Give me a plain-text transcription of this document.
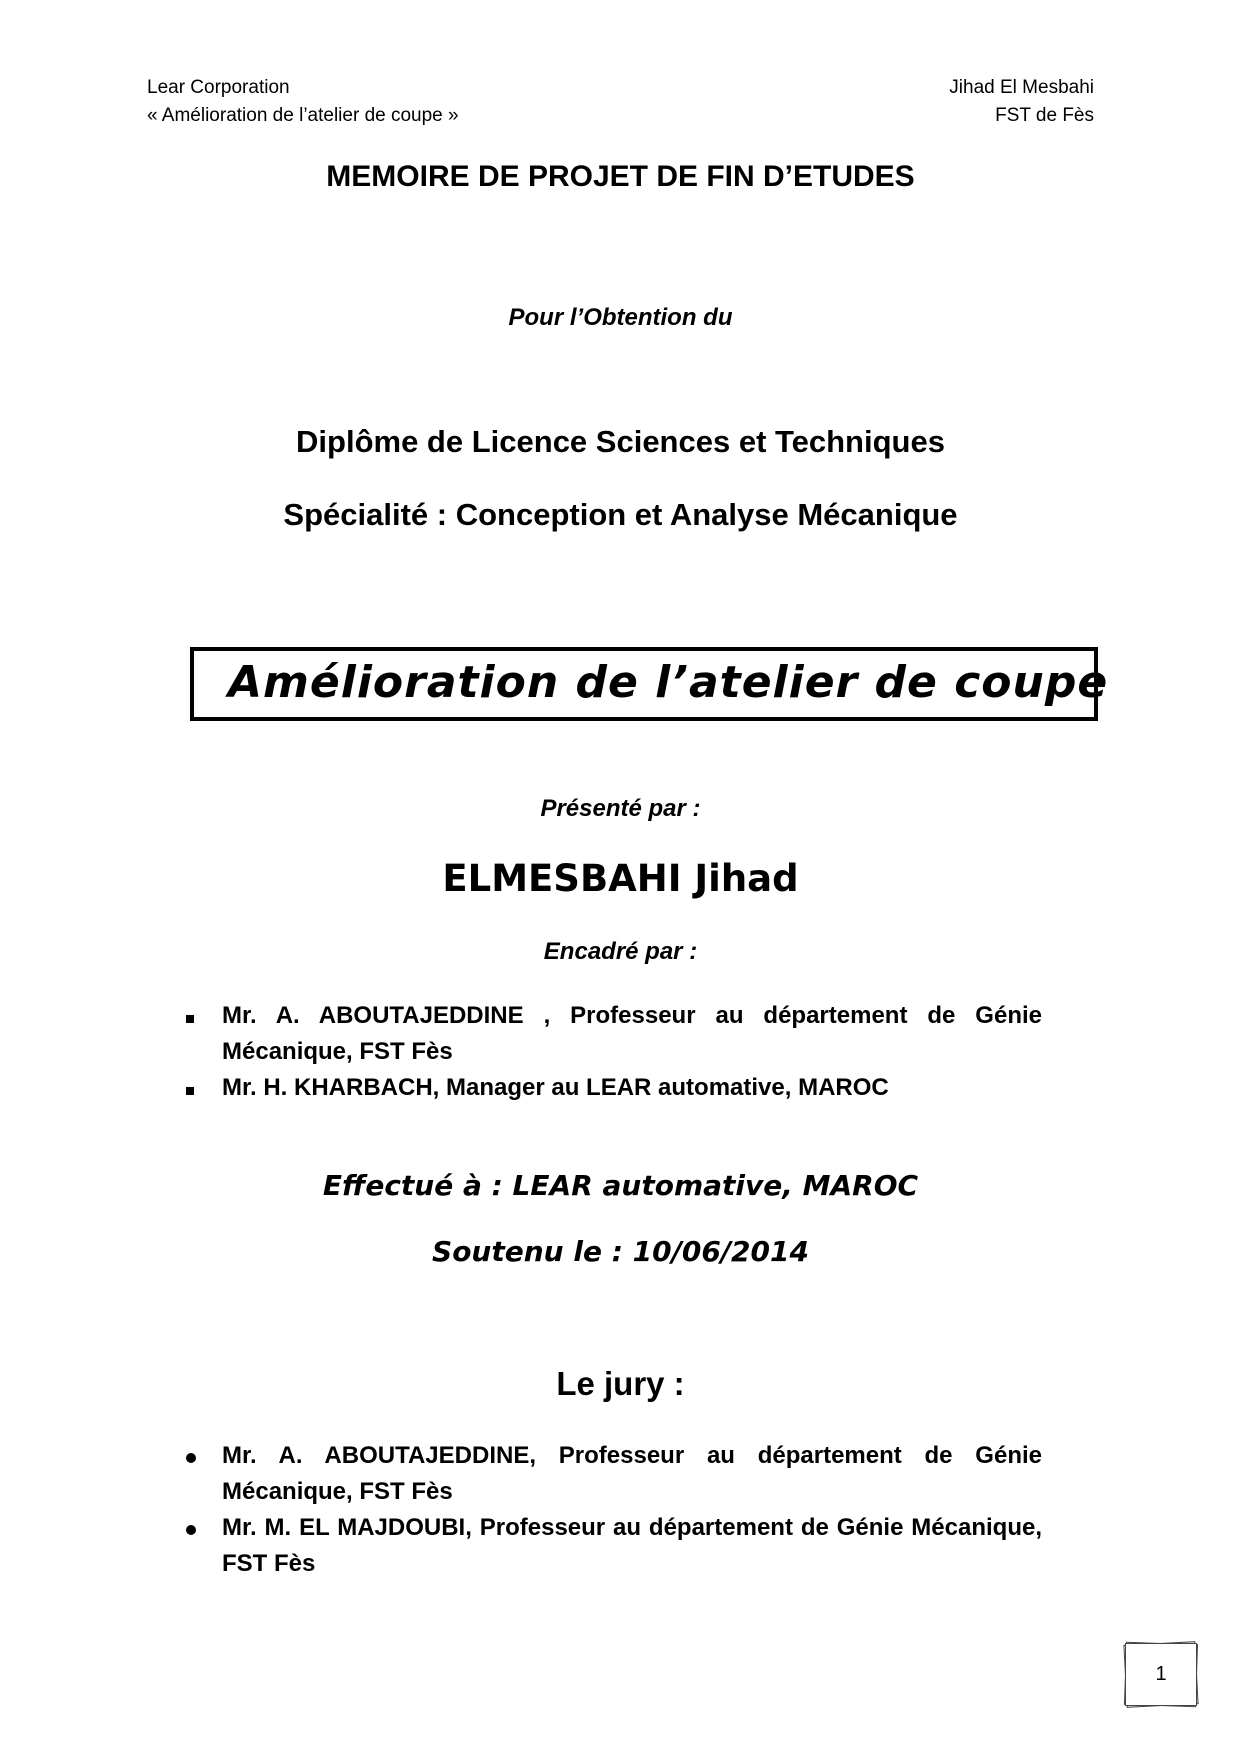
Lear Corporation
« Amélioration de l’atelier de coupe »
Jihad El Mesbahi
FST de Fès
MEMOIRE DE PROJET DE FIN D’ETUDES
Pour l’Obtention du
Diplôme de Licence Sciences et Techniques
Spécialité : Conception et Analyse Mécanique
Amélioration de l’atelier de coupe
Présenté par :
ELMESBAHI Jihad
Encadré par :
Mr. A. ABOUTAJEDDINE , Professeur au département de Génie Mécanique, FST Fès
Mr. H. KHARBACH, Manager au LEAR automative, MAROC
Effectué à : LEAR automative, MAROC
Soutenu le : 10/06/2014
Le jury :
Mr. A. ABOUTAJEDDINE, Professeur au département de Génie Mécanique, FST Fès
Mr. M. EL MAJDOUBI, Professeur au département de Génie Mécanique, FST Fès
1
